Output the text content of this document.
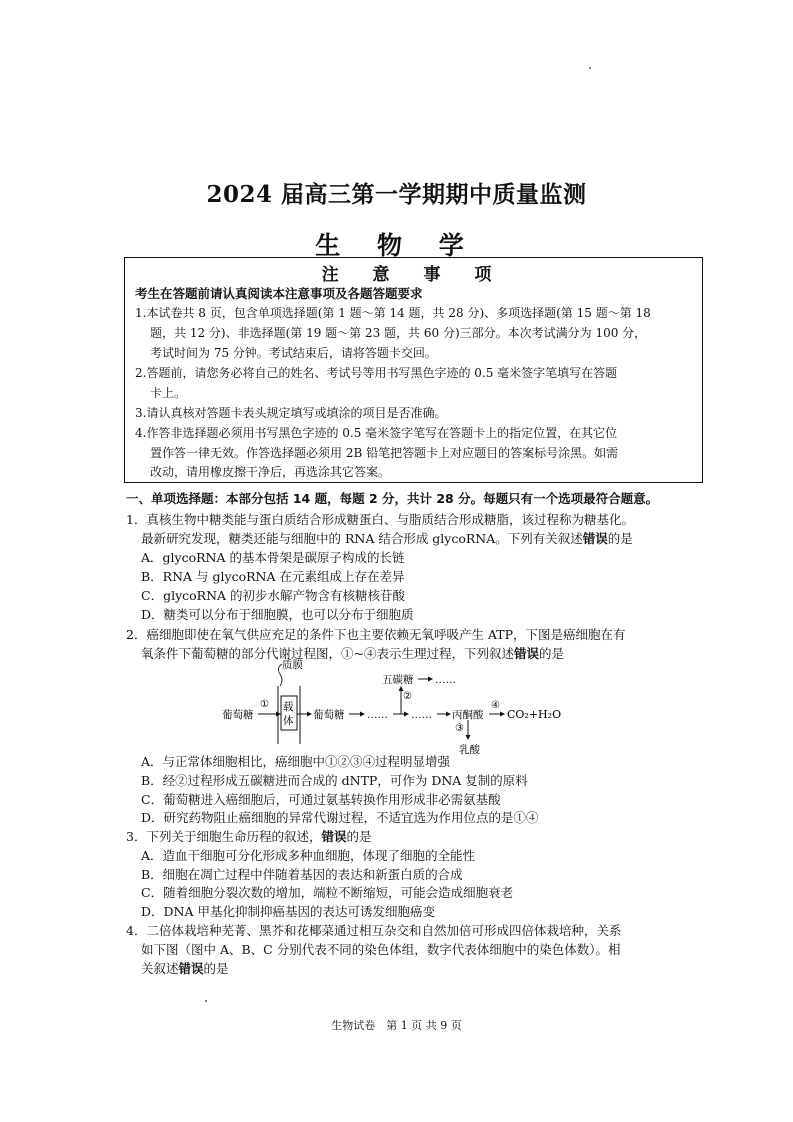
2024 届高三第一学期期中质量监测
生 物 学
注 意 事 项
考生在答题前请认真阅读本注意事项及各题答题要求
1.本试卷共 8 页，包含单项选择题(第 1 题～第 14 题，共 28 分)、多项选择题(第 15 题～第 18
题，共 12 分)、非选择题(第 19 题～第 23 题，共 60 分)三部分。本次考试满分为 100 分，
考试时间为 75 分钟。考试结束后，请将答题卡交回。
2.答题前，请您务必将自己的姓名、考试号等用书写黑色字迹的 0.5 毫米签字笔填写在答题
卡上。
3.请认真核对答题卡表头规定填写或填涂的项目是否准确。
4.作答非选择题必须用书写黑色字迹的 0.5 毫米签字笔写在答题卡上的指定位置，在其它位
置作答一律无效。作答选择题必须用 2B 铅笔把答题卡上对应题目的答案标号涂黑。如需
改动，请用橡皮擦干净后，再选涂其它答案。
一、单项选择题：本部分包括 14 题，每题 2 分，共计 28 分。每题只有一个选项最符合题意。
1．真核生物中糖类能与蛋白质结合形成糖蛋白、与脂质结合形成糖脂，该过程称为糖基化。
最新研究发现，糖类还能与细胞中的 RNA 结合形成 glycoRNA。下列有关叙述错误的是
A．glycoRNA 的基本骨架是碳原子构成的长链
B．RNA 与 glycoRNA 在元素组成上存在差异
C．glycoRNA 的初步水解产物含有核糖核苷酸
D．糖类可以分布于细胞膜，也可以分布于细胞质
2．癌细胞即使在氧气供应充足的条件下也主要依赖无氧呼吸产生 ATP，下图是癌细胞在有
氧条件下葡萄糖的部分代谢过程图，①~④表示生理过程，下列叙述错误的是
质膜
载
体
葡萄糖
①
葡萄糖 …… ……
②
五碳糖 ……
丙酮酸
④
CO₂+H₂O
③
乳酸
A．与正常体细胞相比，癌细胞中①②③④过程明显增强
B．经②过程形成五碳糖进而合成的 dNTP，可作为 DNA 复制的原料
C．葡萄糖进入癌细胞后，可通过氨基转换作用形成非必需氨基酸
D．研究药物阻止癌细胞的异常代谢过程，不适宜选为作用位点的是①④
3．下列关于细胞生命历程的叙述，错误的是
A．造血干细胞可分化形成多种血细胞，体现了细胞的全能性
B．细胞在凋亡过程中伴随着基因的表达和新蛋白质的合成
C．随着细胞分裂次数的增加，端粒不断缩短，可能会造成细胞衰老
D．DNA 甲基化抑制抑癌基因的表达可诱发细胞癌变
4．二倍体栽培种芜菁、黑芥和花椰菜通过相互杂交和自然加倍可形成四倍体栽培种，关系
如下图（图中 A、B、C 分别代表不同的染色体组，数字代表体细胞中的染色体数）。相
关叙述错误的是
生物试卷　第 1 页 共 9 页
